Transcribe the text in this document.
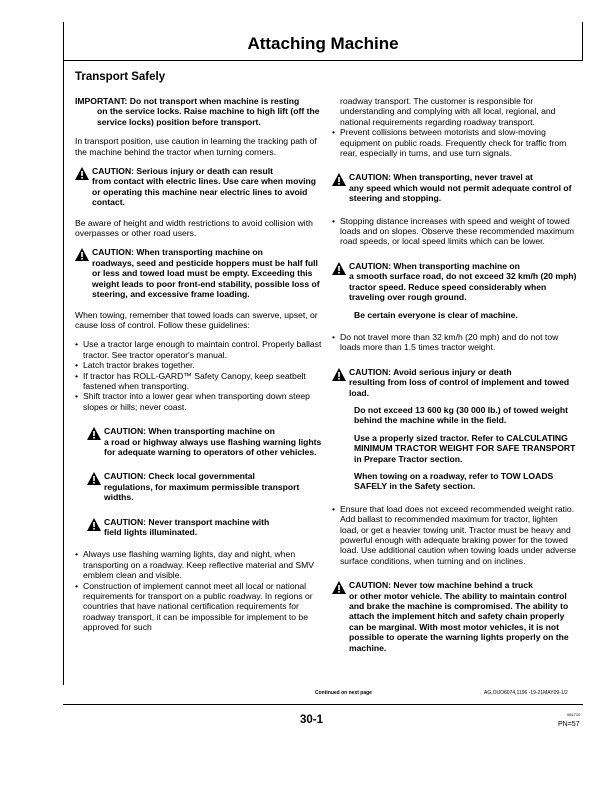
Attaching Machine
Transport Safely
IMPORTANT: Do not transport when machine is resting
on the service locks. Raise machine to high lift (off the service locks) position before transport.

In transport position, use caution in learning the tracking path of the machine behind the tractor when turning corners.

CAUTION: Serious injury or death can result
from contact with electric lines. Use care when moving or operating this machine near electric lines to avoid contact.

Be aware of height and width restrictions to avoid collision with overpasses or other road users.

CAUTION: When transporting machine on
roadways, seed and pesticide hoppers must be half full or less and towed load must be empty. Exceeding this weight leads to poor front-end stability, possible loss of steering, and excessive frame loading.

When towing, remember that towed loads can swerve, upset, or cause loss of control. Follow these guidelines:

• Use a tractor large enough to maintain control. Properly ballast tractor. See tractor operator's manual.
• Latch tractor brakes together.
• If tractor has ROLL-GARD™ Safety Canopy, keep seatbelt fastened when transporting.
• Shift tractor into a lower gear when transporting down steep slopes or hills; never coast.
CAUTION: When transporting machine on
a road or highway always use flashing warning lights for adequate warning to operators of other vehicles.
CAUTION: Check local governmental
regulations, for maximum permissible transport widths.
CAUTION: Never transport machine with
field lights illuminated.
• Always use flashing warning lights, day and night, when transporting on a roadway. Keep reflective material and SMV emblem clean and visible.
• Construction of implement cannot meet all local or national requirements for transport on a public roadway. In regions or countries that have national certification requirements for roadway transport, it can be impossible for implement to be approved for such

roadway transport. The customer is responsible for understanding and complying with all local, regional, and national requirements regarding roadway transport.

• Prevent collisions between motorists and slow-moving equipment on public roads. Frequently check for traffic from rear, especially in turns, and use turn signals.
CAUTION: When transporting, never travel at
any speed which would not permit adequate control of steering and stopping.
• Stopping distance increases with speed and weight of towed loads and on slopes. Observe these recommended maximum road speeds, or local speed limits which can be lower.
CAUTION: When transporting machine on
a smooth surface road, do not exceed 32 km/h (20 mph) tractor speed. Reduce speed considerably when traveling over rough ground.
Be certain everyone is clear of machine.
• Do not travel more than 32 km/h (20 mph) and do not tow loads more than 1.5 times tractor weight.
CAUTION: Avoid serious injury or death
resulting from loss of control of implement and towed load.
Do not exceed 13 600 kg (30 000 lb.) of towed weight behind the machine while in the field.
Use a properly sized tractor. Refer to CALCULATING MINIMUM TRACTOR WEIGHT FOR SAFE TRANSPORT in Prepare Tractor section.
When towing on a roadway, refer to TOW LOADS SAFELY in the Safety section.
• Ensure that load does not exceed recommended weight ratio. Add ballast to recommended maximum for tractor, lighten load, or get a heavier towing unit. Tractor must be heavy and powerful enough with adequate braking power for the towed load. Use additional caution when towing loads under adverse surface conditions, when turning and on inclines.
CAUTION: Never tow machine behind a truck
or other motor vehicle. The ability to maintain control and brake the machine is compromised. The ability to attach the implement hitch and safety chain properly can be marginal. With most motor vehicles, it is not possible to operate the warning lights properly on the machine.
Continued on next page	AG,OUO6074,1196 -19-21MAY09-1/2
30-1	081710
PN=57
